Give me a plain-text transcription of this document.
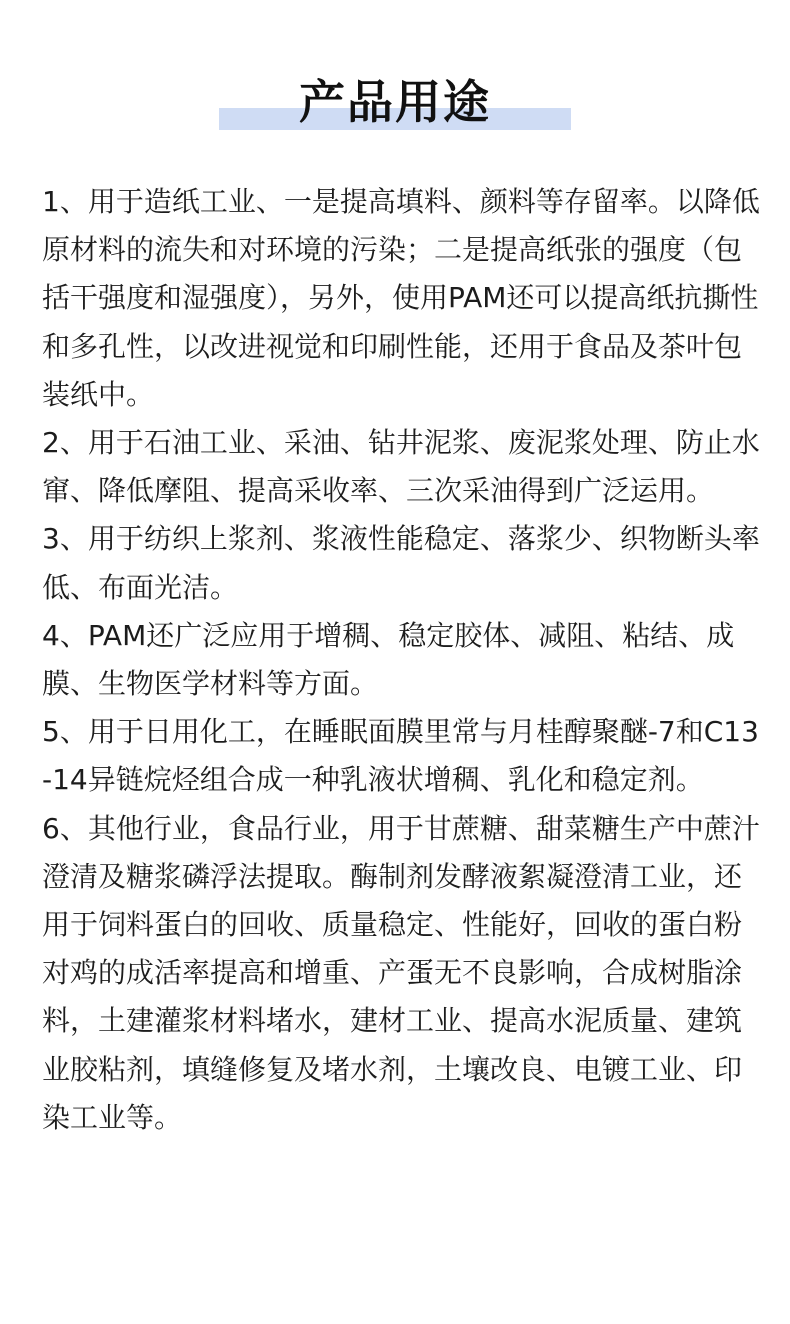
产品用途

1、用于造纸工业、一是提高填料、颜料等存留率。以降低原材料的流失和对环境的污染；二是提高纸张的强度（包括干强度和湿强度），另外，使用PAM还可以提高纸抗撕性和多孔性，以改进视觉和印刷性能，还用于食品及茶叶包装纸中。

2、用于石油工业、采油、钻井泥浆、废泥浆处理、防止水窜、降低摩阻、提高采收率、三次采油得到广泛运用。

3、用于纺织上浆剂、浆液性能稳定、落浆少、织物断头率低、布面光洁。

4、PAM还广泛应用于增稠、稳定胶体、减阻、粘结、成膜、生物医学材料等方面。

5、用于日用化工，在睡眠面膜里常与月桂醇聚醚-7和C13-14异链烷烃组合成一种乳液状增稠、乳化和稳定剂。

6、其他行业，食品行业，用于甘蔗糖、甜菜糖生产中蔗汁澄清及糖浆磷浮法提取。酶制剂发酵液絮凝澄清工业，还用于饲料蛋白的回收、质量稳定、性能好，回收的蛋白粉对鸡的成活率提高和增重、产蛋无不良影响，合成树脂涂料，土建灌浆材料堵水，建材工业、提高水泥质量、建筑业胶粘剂，填缝修复及堵水剂，土壤改良、电镀工业、印染工业等。
